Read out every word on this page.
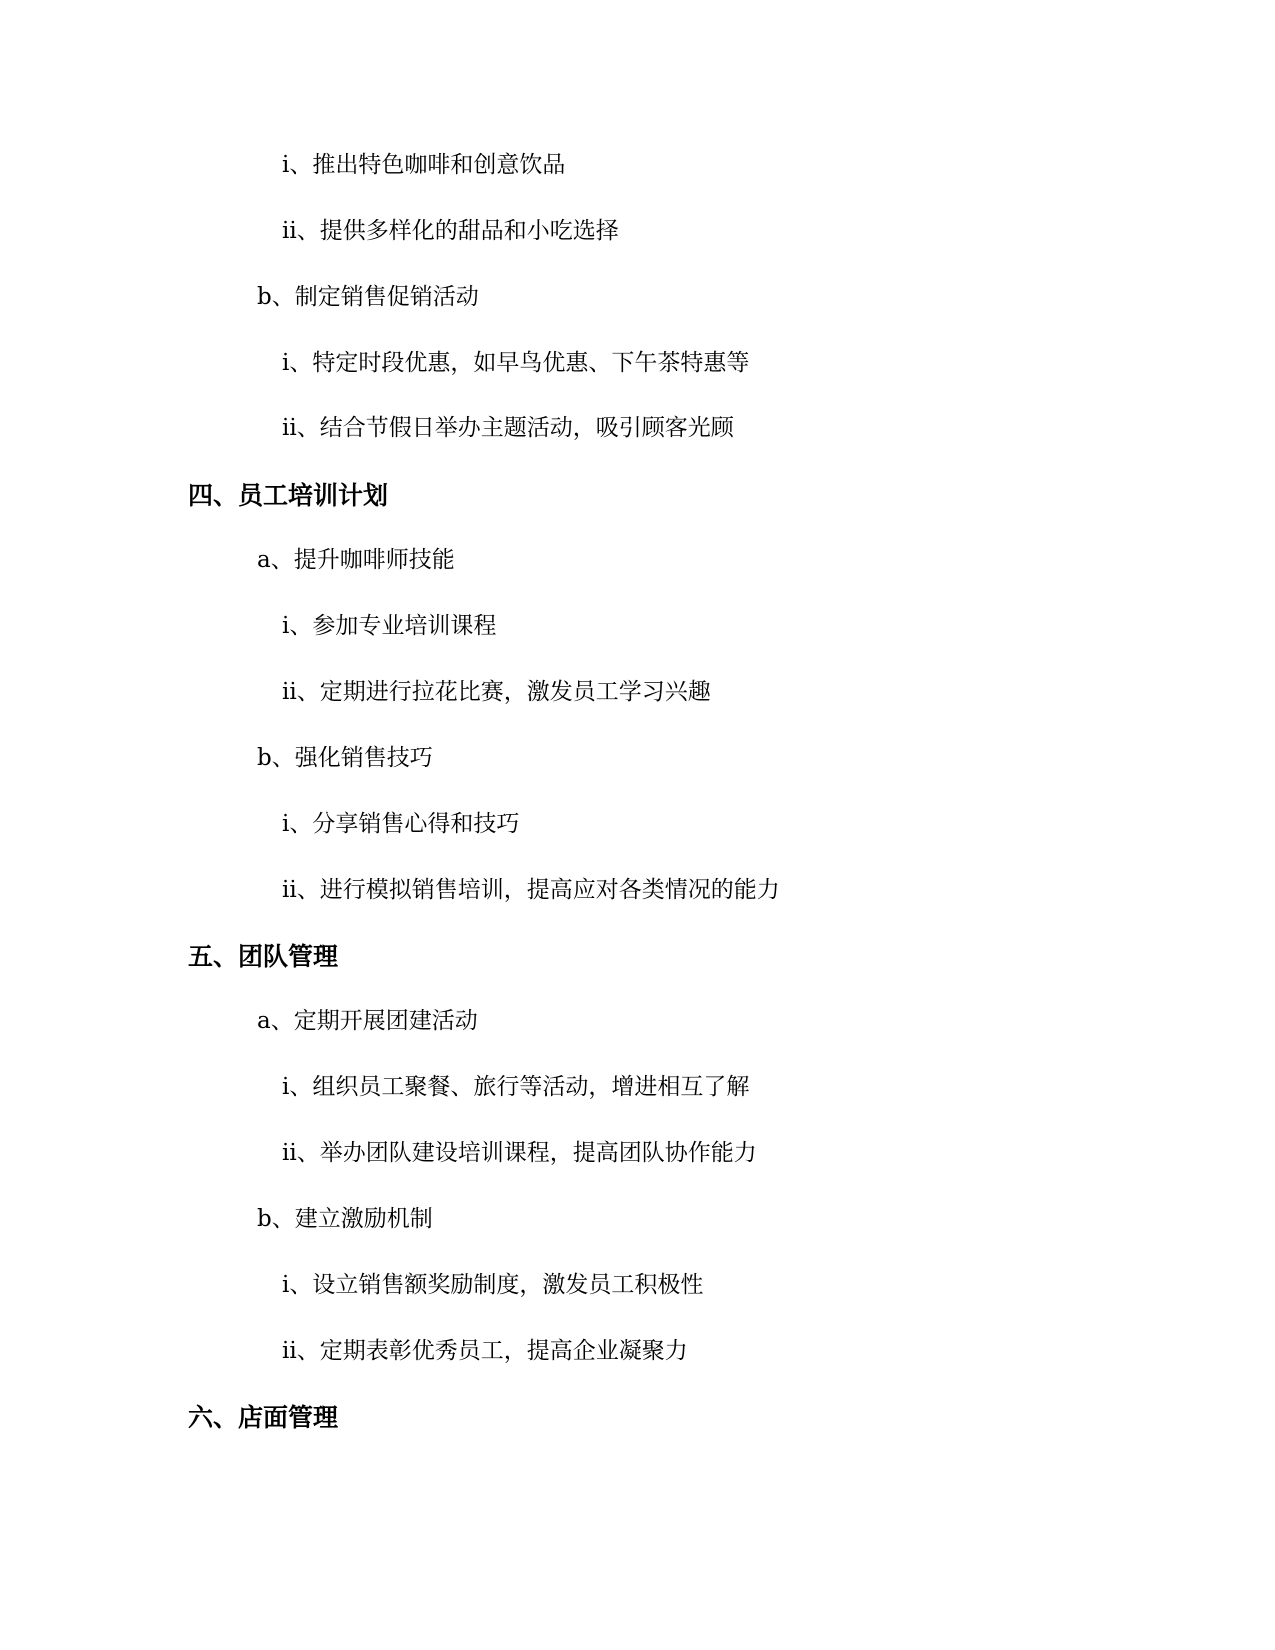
i、推出特色咖啡和创意饮品
ii、提供多样化的甜品和小吃选择
b、制定销售促销活动
i、特定时段优惠，如早鸟优惠、下午茶特惠等
ii、结合节假日举办主题活动，吸引顾客光顾
四、员工培训计划
a、提升咖啡师技能
i、参加专业培训课程
ii、定期进行拉花比赛，激发员工学习兴趣
b、强化销售技巧
i、分享销售心得和技巧
ii、进行模拟销售培训，提高应对各类情况的能力
五、团队管理
a、定期开展团建活动
i、组织员工聚餐、旅行等活动，增进相互了解
ii、举办团队建设培训课程，提高团队协作能力
b、建立激励机制
i、设立销售额奖励制度，激发员工积极性
ii、定期表彰优秀员工，提高企业凝聚力
六、店面管理
